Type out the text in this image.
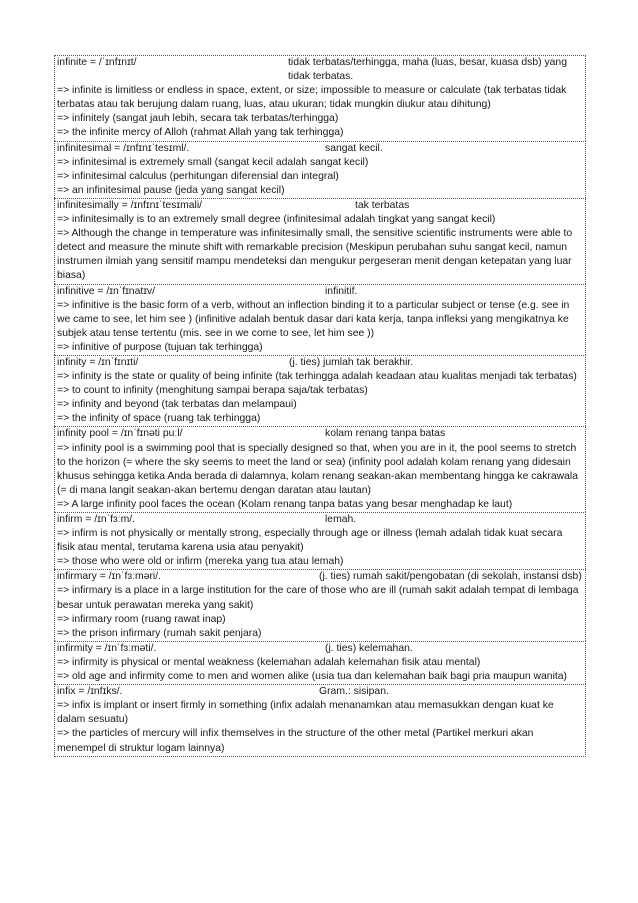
infinite = /ˈɪnfɪnɪt/	tidak terbatas/terhingga, maha (luas, besar, kuasa dsb) yang tidak terbatas.
=> infinite is limitless or endless in space, extent, or size; impossible to measure or calculate (tak terbatas tidak terbatas atau tak berujung dalam ruang, luas, atau ukuran; tidak mungkin diukur atau dihitung)
=> infinitely (sangat jauh lebih, secara tak terbatas/terhingga)
=> the infinite mercy of Alloh (rahmat Allah yang tak terhingga)
infinitesimal = /ɪnfɪnɪˈtesɪml/.	sangat kecil.
=> infinitesimal is extremely small (sangat kecil adalah sangat kecil)
=> infinitesimal calculus (perhitungan diferensial dan integral)
=> an infinitesimal pause (jeda yang sangat kecil)
infinitesimally = /ɪnfɪnɪˈtesɪmali/	tak terbatas
=> infinitesimally is to an extremely small degree (infinitesimal adalah tingkat yang sangat kecil)
=> Although the change in temperature was infinitesimally small, the sensitive scientific instruments were able to detect and measure the minute shift with remarkable precision (Meskipun perubahan suhu sangat kecil, namun instrumen ilmiah yang sensitif mampu mendeteksi dan mengukur pergeseran menit dengan ketepatan yang luar biasa)
infinitive = /ɪnˈfɪnatɪv/	infinitif.
=> infinitive is the basic form of a verb, without an inflection binding it to a particular subject or tense (e.g. see in we came to see, let him see ) (infinitive adalah bentuk dasar dari kata kerja, tanpa infleksi yang mengikatnya ke subjek atau tense tertentu (mis. see in we come to see, let him see ))
=> infinitive of purpose (tujuan tak terhingga)
infinity = /ɪnˈfɪnɪti/	(j. ties) jumlah tak berakhir.
=> infinity is the state or quality of being infinite (tak terhingga adalah keadaan atau kualitas menjadi tak terbatas)
=> to count to infinity (menghitung sampai berapa saja/tak terbatas)
=> infinity and beyond (tak terbatas dan melampaui)
=> the infinity of space (ruang tak terhingga)
infinity pool = /ɪnˈfɪnəti puːl/	kolam renang tanpa batas
=> infinity pool is a swimming pool that is specially designed so that, when you are in it, the pool seems to stretch to the horizon (= where the sky seems to meet the land or sea) (infinity pool adalah kolam renang yang didesain khusus sehingga ketika Anda berada di dalamnya, kolam renang seakan-akan membentang hingga ke cakrawala (= di mana langit seakan-akan bertemu dengan daratan atau lautan)
=> A large infinity pool faces the ocean (Kolam renang tanpa batas yang besar menghadap ke laut)
infirm = /ɪnˈfɜːm/.	lemah.
=> infirm is not physically or mentally strong, especially through age or illness (lemah adalah tidak kuat secara fisik atau mental, terutama karena usia atau penyakit)
=> those who were old or infirm (mereka yang tua atau lemah)
infirmary = /ɪnˈfɜːməri/.	(j. ties) rumah sakit/pengobatan (di sekolah, instansi dsb)
=> infirmary is a place in a large institution for the care of those who are ill (rumah sakit adalah tempat di lembaga besar untuk perawatan mereka yang sakit)
=> infirmary room (ruang rawat inap)
=> the prison infirmary (rumah sakit penjara)
infirmity = /ɪnˈfɜːməti/.	(j. ties) kelemahan.
=> infirmity is physical or mental weakness (kelemahan adalah kelemahan fisik atau mental)
=> old age and infirmity come to men and women alike (usia tua dan kelemahan baik bagi pria maupun wanita)
infix = /ɪnfɪks/.	Gram.: sisipan.
=> infix is implant or insert firmly in something (infix adalah menanamkan atau memasukkan dengan kuat ke dalam sesuatu)
=> the particles of mercury will infix themselves in the structure of the other metal (Partikel merkuri akan menempel di struktur logam lainnya)
